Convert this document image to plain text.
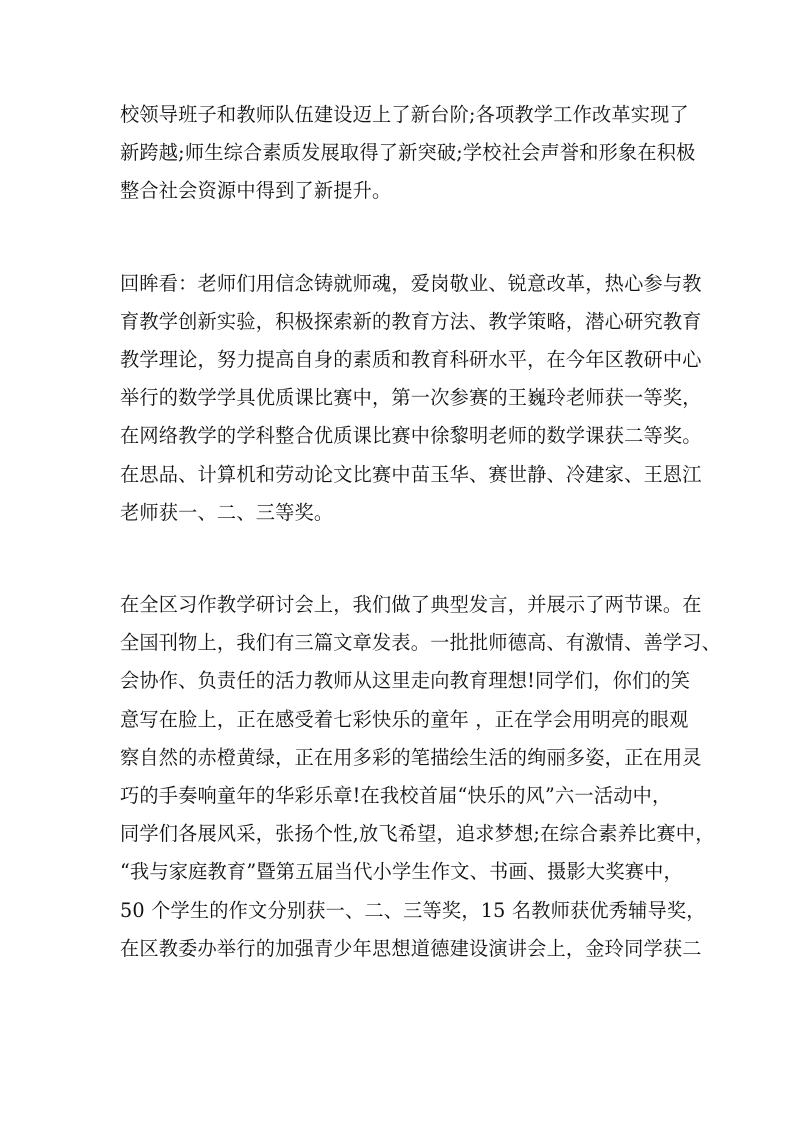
校领导班子和教师队伍建设迈上了新台阶;各项教学工作改革实现了
新跨越;师生综合素质发展取得了新突破;学校社会声誉和形象在积极
整合社会资源中得到了新提升。

回眸看：老师们用信念铸就师魂，爱岗敬业、锐意改革，热心参与教
育教学创新实验，积极探索新的教育方法、教学策略，潜心研究教育
教学理论，努力提高自身的素质和教育科研水平，在今年区教研中心
举行的数学学具优质课比赛中，第一次参赛的王巍玲老师获一等奖，
在网络教学的学科整合优质课比赛中徐黎明老师的数学课获二等奖。
在思品、计算机和劳动论文比赛中苗玉华、赛世静、冷建家、王恩江
老师获一、二、三等奖。

在全区习作教学研讨会上，我们做了典型发言，并展示了两节课。在
全国刊物上，我们有三篇文章发表。一批批师德高、有激情、善学习、
会协作、负责任的活力教师从这里走向教育理想!同学们，你们的笑
意写在脸上，正在感受着七彩快乐的童年 ，正在学会用明亮的眼观
察自然的赤橙黄绿，正在用多彩的笔描绘生活的绚丽多姿，正在用灵
巧的手奏响童年的华彩乐章!在我校首届“快乐的风”六一活动中，
同学们各展风采，张扬个性,放飞希望，追求梦想;在综合素养比赛中，
“我与家庭教育”暨第五届当代小学生作文、书画、摄影大奖赛中，
50 个学生的作文分别获一、二、三等奖，15 名教师获优秀辅导奖，
在区教委办举行的加强青少年思想道德建设演讲会上，金玲同学获二
